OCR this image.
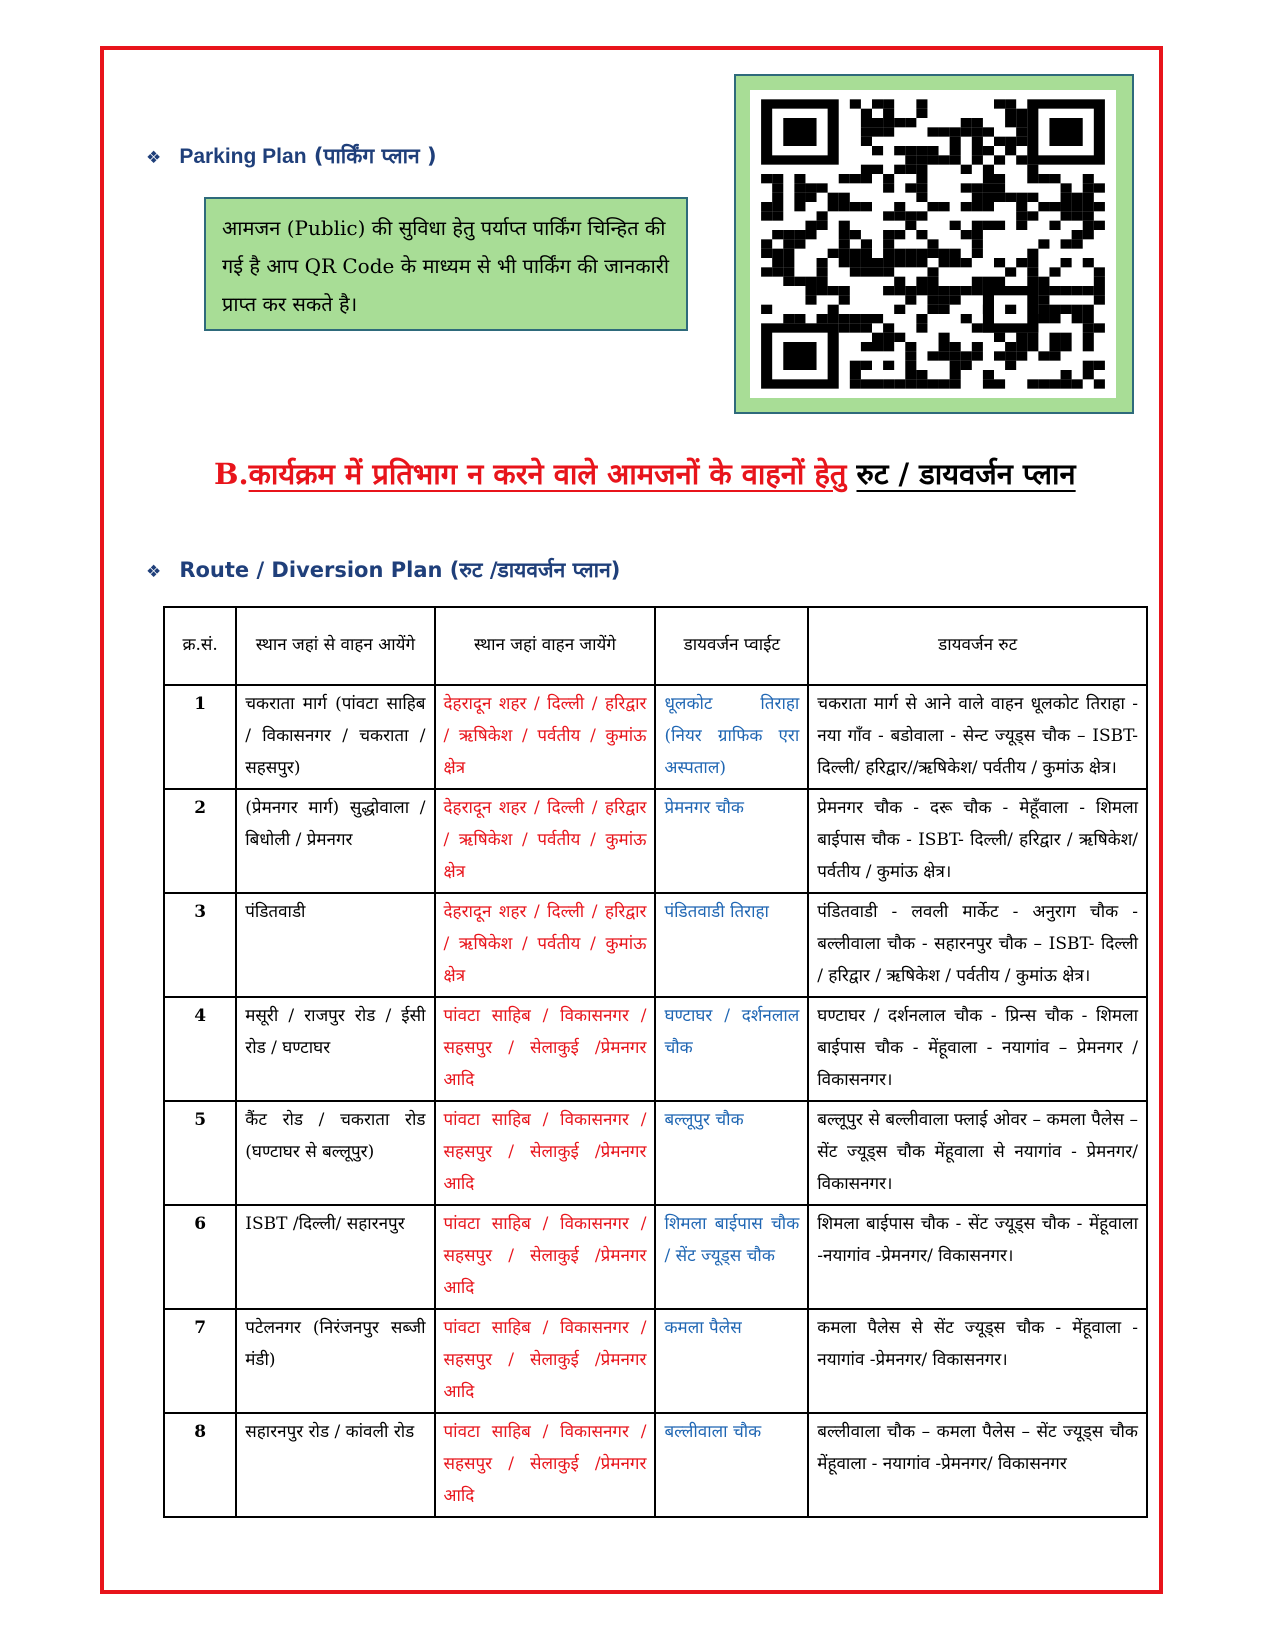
❖ Parking Plan (पार्किंग प्लान )

आमजन (Public) की सुविधा हेतु पर्याप्त पार्किंग चिन्हित की गई है आप QR Code के माध्यम से भी पार्किंग की जानकारी प्राप्त कर सकते है।

B.कार्यक्रम में प्रतिभाग न करने वाले आमजनों के वाहनों हेतु रुट / डायवर्जन प्लान
❖ Route / Diversion Plan (रुट /डायवर्जन प्लान)
क्र.सं.	स्थान जहां से वाहन आयेंगे	स्थान जहां वाहन जायेंगे	डायवर्जन प्वाईट	डायवर्जन रुट
1	चकराता मार्ग (पांवटा साहिब / विकासनगर / चकराता / सहसपुर)	देहरादून शहर / दिल्ली / हरिद्वार / ऋषिकेश / पर्वतीय / कुमांऊ क्षेत्र	धूलकोट तिराहा (नियर ग्राफिक एरा अस्पताल)	चकराता मार्ग से आने वाले वाहन धूलकोट तिराहा - नया गाँव - बडोवाला - सेन्ट ज्यूड्स चौक – ISBT- दिल्ली/ हरिद्वार//ऋषिकेश/ पर्वतीय / कुमांऊ क्षेत्र।
2	(प्रेमनगर मार्ग) सुद्धोवाला / बिधोली / प्रेमनगर	देहरादून शहर / दिल्ली / हरिद्वार / ऋषिकेश / पर्वतीय / कुमांऊ क्षेत्र	प्रेमनगर चौक	प्रेमनगर चौक - दरू चौक - मेहूँवाला - शिमला बाईपास चौक - ISBT- दिल्ली/ हरिद्वार / ऋषिकेश/ पर्वतीय / कुमांऊ क्षेत्र।
3	पंडितवाडी	देहरादून शहर / दिल्ली / हरिद्वार / ऋषिकेश / पर्वतीय / कुमांऊ क्षेत्र	पंडितवाडी तिराहा	पंडितवाडी - लवली मार्केट - अनुराग चौक - बल्लीवाला चौक - सहारनपुर चौक – ISBT- दिल्ली / हरिद्वार / ऋषिकेश / पर्वतीय / कुमांऊ क्षेत्र।
4	मसूरी / राजपुर रोड / ईसी रोड / घण्टाघर	पांवटा साहिब / विकासनगर / सहसपुर / सेलाकुई /प्रेमनगर आदि	घण्टाघर / दर्शनलाल चौक	घण्टाघर / दर्शनलाल चौक - प्रिन्स चौक - शिमला बाईपास चौक - मेंहूवाला - नयागांव – प्रेमनगर / विकासनगर।
5	कैंट रोड / चकराता रोड (घण्टाघर से बल्लूपुर)	पांवटा साहिब / विकासनगर / सहसपुर / सेलाकुई /प्रेमनगर आदि	बल्लूपुर चौक	बल्लूपुर से बल्लीवाला फ्लाई ओवर – कमला पैलेस – सेंट ज्यूड्स चौक मेंहूवाला से नयागांव - प्रेमनगर/ विकासनगर।
6	ISBT /दिल्ली/ सहारनपुर	पांवटा साहिब / विकासनगर / सहसपुर / सेलाकुई /प्रेमनगर आदि	शिमला बाईपास चौक / सेंट ज्यूड्स चौक	शिमला बाईपास चौक - सेंट ज्यूड्स चौक - मेंहूवाला -नयागांव -प्रेमनगर/ विकासनगर।
7	पटेलनगर (निरंजनपुर सब्जी मंडी)	पांवटा साहिब / विकासनगर / सहसपुर / सेलाकुई /प्रेमनगर आदि	कमला पैलेस	कमला पैलेस से सेंट ज्यूड्स चौक - मेंहूवाला - नयागांव -प्रेमनगर/ विकासनगर।
8	सहारनपुर रोड / कांवली रोड	पांवटा साहिब / विकासनगर / सहसपुर / सेलाकुई /प्रेमनगर आदि	बल्लीवाला चौक	बल्लीवाला चौक – कमला पैलेस – सेंट ज्यूड्स चौक मेंहूवाला - नयागांव -प्रेमनगर/ विकासनगर
